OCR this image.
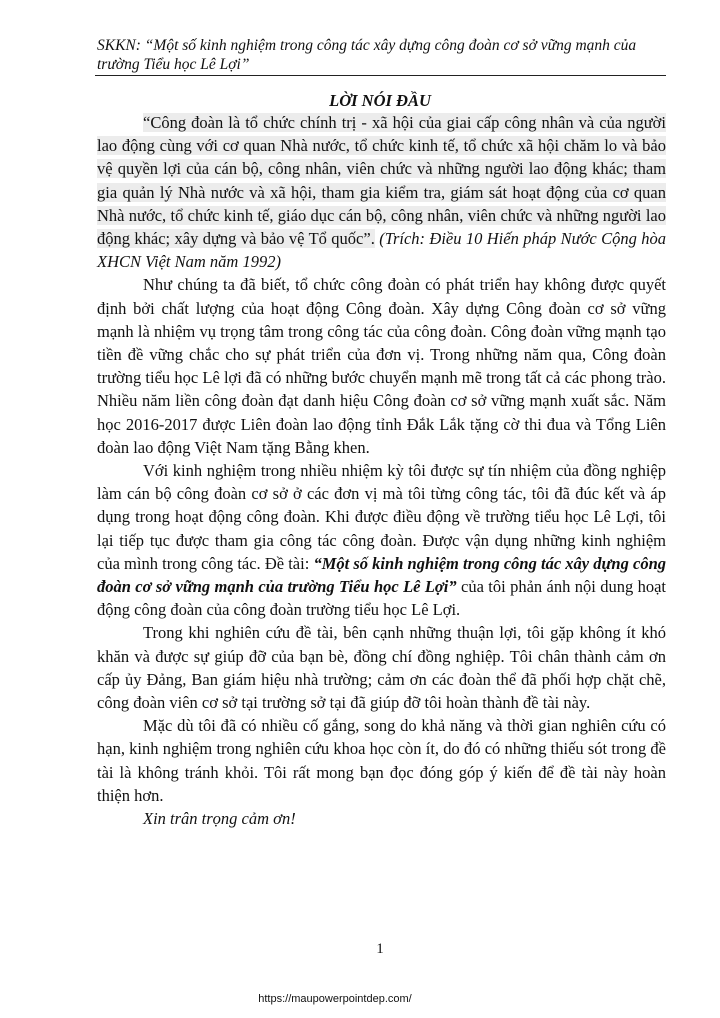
SKKN: “Một số kinh nghiệm trong công tác xây dựng công đoàn cơ sở vững mạnh của trường Tiểu học Lê Lợi”
LỜI NÓI ĐẦU

“Công đoàn là tổ chức chính trị - xã hội của giai cấp công nhân và của người lao động cùng với cơ quan Nhà nước, tổ chức kinh tế, tổ chức xã hội chăm lo và bảo vệ quyền lợi của cán bộ, công nhân, viên chức và những người lao động khác; tham gia quản lý Nhà nước và xã hội, tham gia kiểm tra, giám sát hoạt động của cơ quan Nhà nước, tổ chức kinh tế, giáo dục cán bộ, công nhân, viên chức và những người lao động khác; xây dựng và bảo vệ Tổ quốc”. (Trích: Điều 10 Hiến pháp Nước Cộng hòa XHCN Việt Nam năm 1992)

Như chúng ta đã biết, tổ chức công đoàn có phát triển hay không được quyết định bởi chất lượng của hoạt động Công đoàn. Xây dựng Công đoàn cơ sở vững mạnh là nhiệm vụ trọng tâm trong công tác của công đoàn. Công đoàn vững mạnh tạo tiền đề vững chắc cho sự phát triển của đơn vị. Trong những năm qua, Công đoàn trường tiểu học Lê lợi đã có những bước chuyển mạnh mẽ trong tất cả các phong trào. Nhiều năm liền công đoàn đạt danh hiệu Công đoàn cơ sở vững mạnh xuất sắc. Năm học 2016-2017 được Liên đoàn lao động tỉnh Đắk Lắk tặng cờ thi đua và Tổng Liên đoàn lao động Việt Nam tặng Bằng khen.

Với kinh nghiệm trong nhiều nhiệm kỳ tôi được sự tín nhiệm của đồng nghiệp làm cán bộ công đoàn cơ sở ở các đơn vị mà tôi từng công tác, tôi đã đúc kết và áp dụng trong hoạt động công đoàn. Khi được điều động về trường tiểu học Lê Lợi, tôi lại tiếp tục được tham gia công tác công đoàn. Được vận dụng những kinh nghiệm của mình trong công tác. Đề tài: “Một số kinh nghiệm trong công tác xây dựng công đoàn cơ sở vững mạnh của trường Tiểu học Lê Lợi” của tôi phản ánh nội dung hoạt động công đoàn của công đoàn trường tiểu học Lê Lợi.

Trong khi nghiên cứu đề tài, bên cạnh những thuận lợi, tôi gặp không ít khó khăn và được sự giúp đỡ của bạn bè, đồng chí đồng nghiệp. Tôi chân thành cảm ơn cấp ủy Đảng, Ban giám hiệu nhà trường; cảm ơn các đoàn thể đã phối hợp chặt chẽ, công đoàn viên cơ sở tại trường sở tại đã giúp đỡ tôi hoàn thành đề tài này.

Mặc dù tôi đã có nhiều cố gắng, song do khả năng và thời gian nghiên cứu có hạn, kinh nghiệm trong nghiên cứu khoa học còn ít, do đó có những thiếu sót trong đề tài là không tránh khỏi. Tôi rất mong bạn đọc đóng góp ý kiến để đề tài này hoàn thiện hơn.

Xin trân trọng cảm ơn!

1
https://maupowerpointdep.com/
